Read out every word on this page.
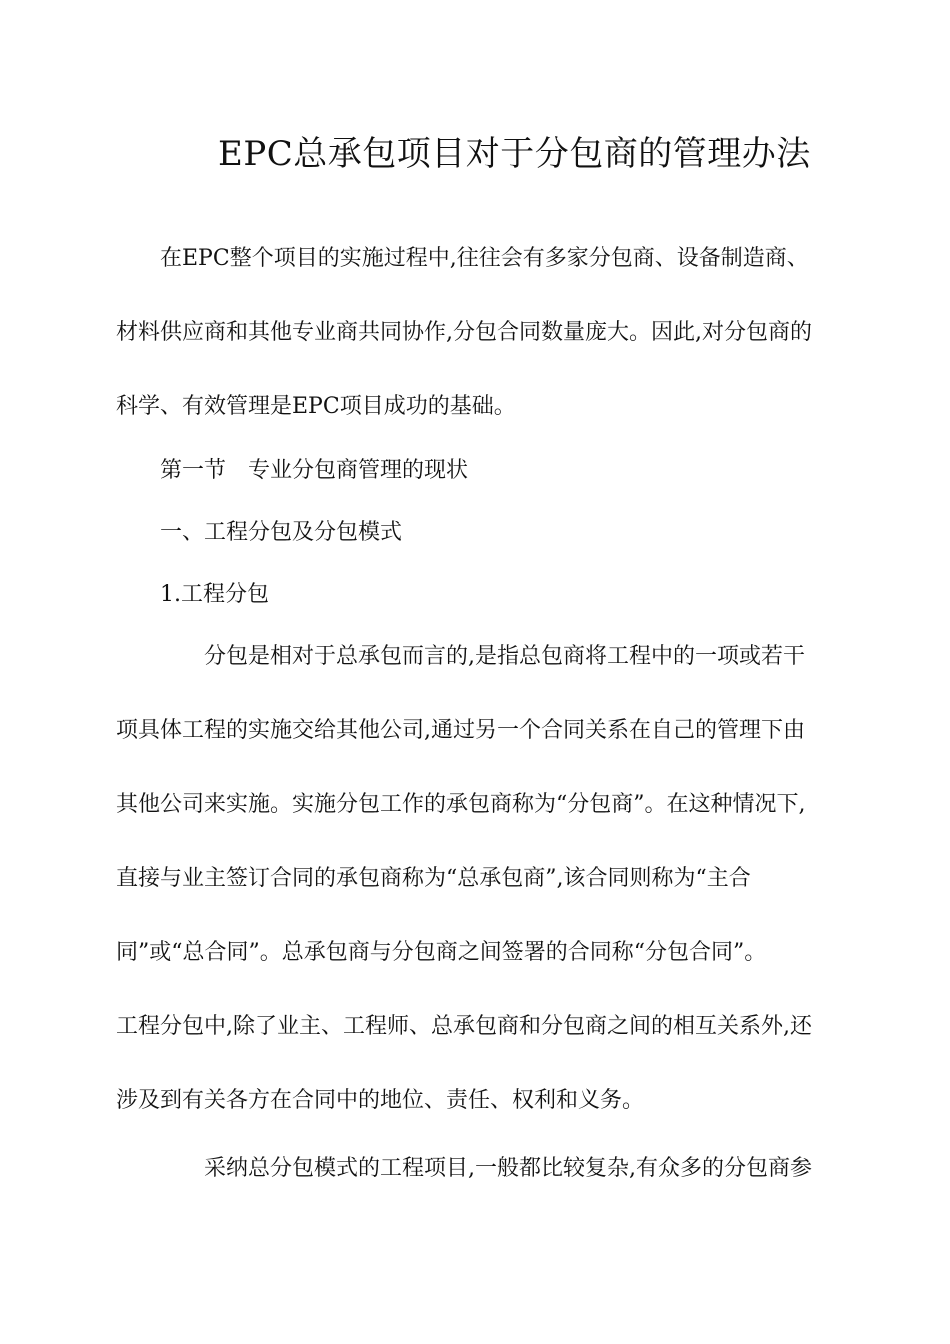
EPC总承包项目对于分包商的管理办法
在EPC整个项目的实施过程中,往往会有多家分包商、设备制造商、
材料供应商和其他专业商共同协作,分包合同数量庞大。因此,对分包商的
科学、有效管理是EPC项目成功的基础。
第一节　专业分包商管理的现状
一、工程分包及分包模式
1.工程分包
分包是相对于总承包而言的,是指总包商将工程中的一项或若干
项具体工程的实施交给其他公司,通过另一个合同关系在自己的管理下由
其他公司来实施。实施分包工作的承包商称为“分包商”。在这种情况下,
直接与业主签订合同的承包商称为“总承包商”,该合同则称为“主合
同”或“总合同”。总承包商与分包商之间签署的合同称“分包合同”。
工程分包中,除了业主、工程师、总承包商和分包商之间的相互关系外,还
涉及到有关各方在合同中的地位、责任、权利和义务。
采纳总分包模式的工程项目,一般都比较复杂,有众多的分包商参
